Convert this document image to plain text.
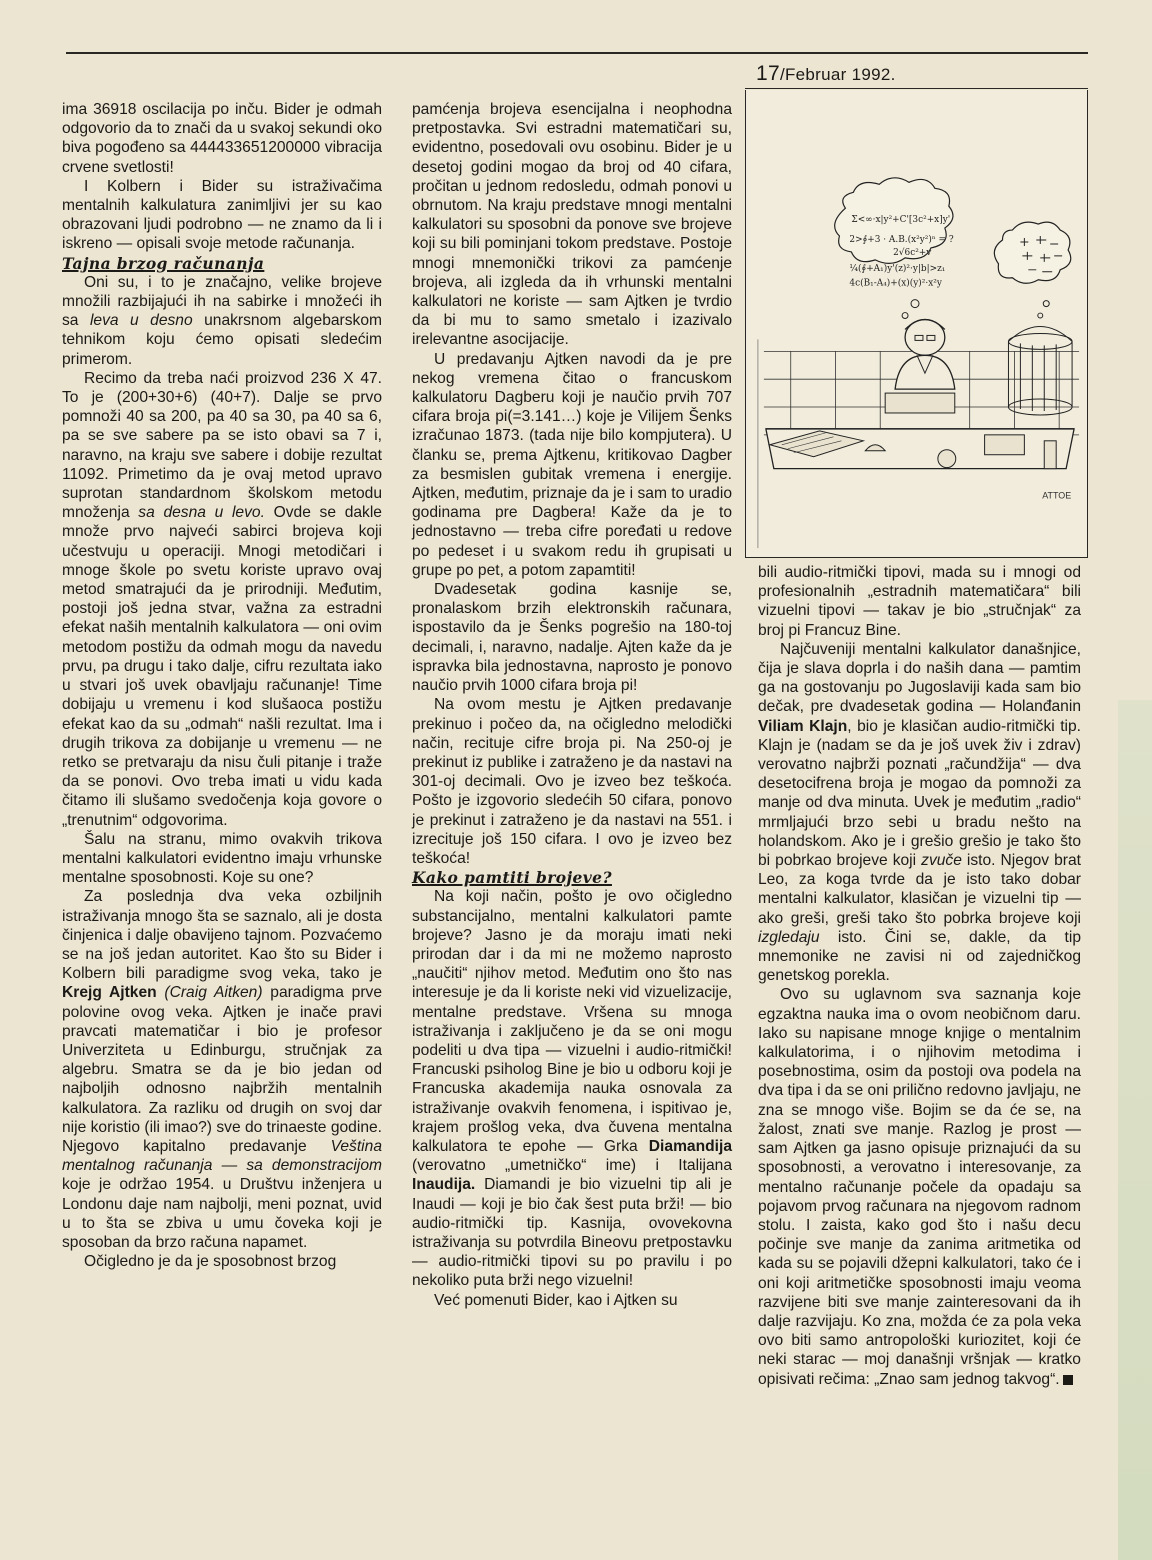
17/Februar 1992.

ima 36918 oscilacija po inču. Bider je odmah odgovorio da to znači da u svakoj sekundi oko biva pogođeno sa 444433651200000 vibracija crvene svetlosti!

I Kolbern i Bider su istraživačima mentalnih kalkulatura zanimljivi jer su kao obrazovani ljudi podrobno — ne znamo da li i iskreno — opisali svoje metode računanja.

Tajna brzog računanja

Oni su, i to je značajno, velike brojeve množili razbijajući ih na sabirke i množeći ih sa leva u desno unakrsnom algebarskom tehnikom koju ćemo opisati sledećim primerom.

Recimo da treba naći proizvod 236 X 47. To je (200+30+6) (40+7). Dalje se prvo pomnoži 40 sa 200, pa 40 sa 30, pa 40 sa 6, pa se sve sabere pa se isto obavi sa 7 i, naravno, na kraju sve sabere i dobije rezultat 11092. Primetimo da je ovaj metod upravo suprotan standardnom školskom metodu množenja sa desna u levo. Ovde se dakle množe prvo najveći sabirci brojeva koji učestvuju u operaciji. Mnogi metodičari i mnoge škole po svetu koriste upravo ovaj metod smatrajući da je prirodniji. Međutim, postoji još jedna stvar, važna za estradni efekat naših mentalnih kalkulatora — oni ovim metodom postižu da odmah mogu da navedu prvu, pa drugu i tako dalje, cifru rezultata iako u stvari još uvek obavljaju računanje! Time dobijaju u vremenu i kod slušaoca postižu efekat kao da su „odmah“ našli rezultat. Ima i drugih trikova za dobijanje u vremenu — ne retko se pretvaraju da nisu čuli pitanje i traže da se ponovi. Ovo treba imati u vidu kada čitamo ili slušamo svedočenja koja govore o „trenutnim“ odgovorima.

Šalu na stranu, mimo ovakvih trikova mentalni kalkulatori evidentno imaju vrhunske mentalne sposobnosti. Koje su one?

Za poslednja dva veka ozbiljnih istraživanja mnogo šta se saznalo, ali je dosta činjenica i dalje obavijeno tajnom. Pozvaćemo se na još jedan autoritet. Kao što su Bider i Kolbern bili paradigme svog veka, tako je Krejg Ajtken (Craig Aitken) paradigma prve polovine ovog veka. Ajtken je inače pravi pravcati matematičar i bio je profesor Univerziteta u Edinburgu, stručnjak za algebru. Smatra se da je bio jedan od najboljih odnosno najbržih mentalnih kalkulatora. Za razliku od drugih on svoj dar nije koristio (ili imao?) sve do trinaeste godine. Njegovo kapitalno predavanje Veština mentalnog računanja — sa demonstracijom koje je održao 1954. u Društvu inženjera u Londonu daje nam najbolji, meni poznat, uvid u to šta se zbiva u umu čoveka koji je sposoban da brzo računa napamet.

Očigledno je da je sposobnost brzog

pamćenja brojeva esencijalna i neophodna pretpostavka. Svi estradni matematičari su, evidentno, posedovali ovu osobinu. Bider je u desetoj godini mogao da broj od 40 cifara, pročitan u jednom redosledu, odmah ponovi u obrnutom. Na kraju predstave mnogi mentalni kalkulatori su sposobni da ponove sve brojeve koji su bili pominjani tokom predstave. Postoje mnogi mnemonički trikovi za pamćenje brojeva, ali izgleda da ih vrhunski mentalni kalkulatori ne koriste — sam Ajtken je tvrdio da bi mu to samo smetalo i izazivalo irelevantne asocijacije.

U predavanju Ajtken navodi da je pre nekog vremena čitao o francuskom kalkulatoru Dagberu koji je naučio prvih 707 cifara broja pi(=3.141…) koje je Vilijem Šenks izračunao 1873. (tada nije bilo kompjutera). U članku se, prema Ajtkenu, kritikovao Dagber za besmislen gubitak vremena i energije. Ajtken, međutim, priznaje da je i sam to uradio godinama pre Dagbera! Kaže da je to jednostavno — treba cifre poređati u redove po pedeset i u svakom redu ih grupisati u grupe po pet, a potom zapamtiti!

Dvadesetak godina kasnije se, pronalaskom brzih elektronskih računara, ispostavilo da je Šenks pogrešio na 180-toj decimali, i, naravno, nadalje. Ajten kaže da je ispravka bila jednostavna, naprosto je ponovo naučio prvih 1000 cifara broja pi!

Na ovom mestu je Ajtken predavanje prekinuo i počeo da, na očigledno melodički način, recituje cifre broja pi. Na 250-oj je prekinut iz publike i zatraženo je da nastavi na 301-oj decimali. Ovo je izveo bez teškoća. Pošto je izgovorio sledećih 50 cifara, ponovo je prekinut i zatraženo je da nastavi na 551. i izrecituje još 150 cifara. I ovo je izveo bez teškoća!

Kako pamtiti brojeve?

Na koji način, pošto je ovo očigledno substancijalno, mentalni kalkulatori pamte brojeve? Jasno je da moraju imati neki prirodan dar i da mi ne možemo naprosto „naučiti“ njihov metod. Međutim ono što nas interesuje je da li koriste neki vid vizuelizacije, mentalne predstave. Vršena su mnoga istraživanja i zaključeno je da se oni mogu podeliti u dva tipa — vizuelni i audio-ritmički! Francuski psiholog Bine je bio u odboru koji je Francuska akademija nauka osnovala za istraživanje ovakvih fenomena, i ispitivao je, krajem prošlog veka, dva čuvena mentalna kalkulatora te epohe — Grka Diamandija (verovatno „umetničko“ ime) i Italijana Inaudija. Diamandi je bio vizuelni tip ali je Inaudi — koji je bio čak šest puta brži! — bio audio-ritmički tip. Kasnija, ovovekovna istraživanja su potvrdila Bineovu pretpostavku — audio-ritmički tipovi su po pravilu i po nekoliko puta brži nego vizuelni!

Već pomenuti Bider, kao i Ajtken su

Σ<∞·x|y²+C'[3c²+x]y'
2>∮+3 · A.B.(x²y²)ⁿ = ?
2√6c²+v
¼(∮+A₁)y'(z)²·y|b|>z₁
4c(B₁-A₄)+(x)(y)²·x²y
ATTOE

bili audio-ritmički tipovi, mada su i mnogi od profesionalnih „estradnih matematičara“ bili vizuelni tipovi — takav je bio „stručnjak“ za broj pi Francuz Bine.

Najčuveniji mentalni kalkulator današnjice, čija je slava doprla i do naših dana — pamtim ga na gostovanju po Jugoslaviji kada sam bio dečak, pre dvadesetak godina — Holanđanin Viliam Klajn, bio je klasičan audio-ritmički tip. Klajn je (nadam se da je još uvek živ i zdrav) verovatno najbrži poznati „račundžija“ — dva desetocifrena broja je mogao da pomnoži za manje od dva minuta. Uvek je međutim „radio“ mrmljajući brzo sebi u bradu nešto na holandskom. Ako je i grešio grešio je tako što bi pobrkao brojeve koji zvuče isto. Njegov brat Leo, za koga tvrde da je isto tako dobar mentalni kalkulator, klasičan je vizuelni tip — ako greši, greši tako što pobrka brojeve koji izgledaju isto. Čini se, dakle, da tip mnemonike ne zavisi ni od zajedničkog genetskog porekla.

Ovo su uglavnom sva saznanja koje egzaktna nauka ima o ovom neobičnom daru. Iako su napisane mnoge knjige o mentalnim kalkulatorima, i o njihovim metodima i posebnostima, osim da postoji ova podela na dva tipa i da se oni prilično redovno javljaju, ne zna se mnogo više. Bojim se da će se, na žalost, znati sve manje. Razlog je prost — sam Ajtken ga jasno opisuje priznajući da su sposobnosti, a verovatno i interesovanje, za mentalno računanje počele da opadaju sa pojavom prvog računara na njegovom radnom stolu. I zaista, kako god što i našu decu počinje sve manje da zanima aritmetika od kada su se pojavili džepni kalkulatori, tako će i oni koji aritmetičke sposobnosti imaju veoma razvijene biti sve manje zainteresovani da ih dalje razvijaju. Ko zna, možda će za pola veka ovo biti samo antropološki kuriozitet, koji će neki starac — moj današnji vršnjak — kratko opisivati rečima: „Znao sam jednog takvog“.
